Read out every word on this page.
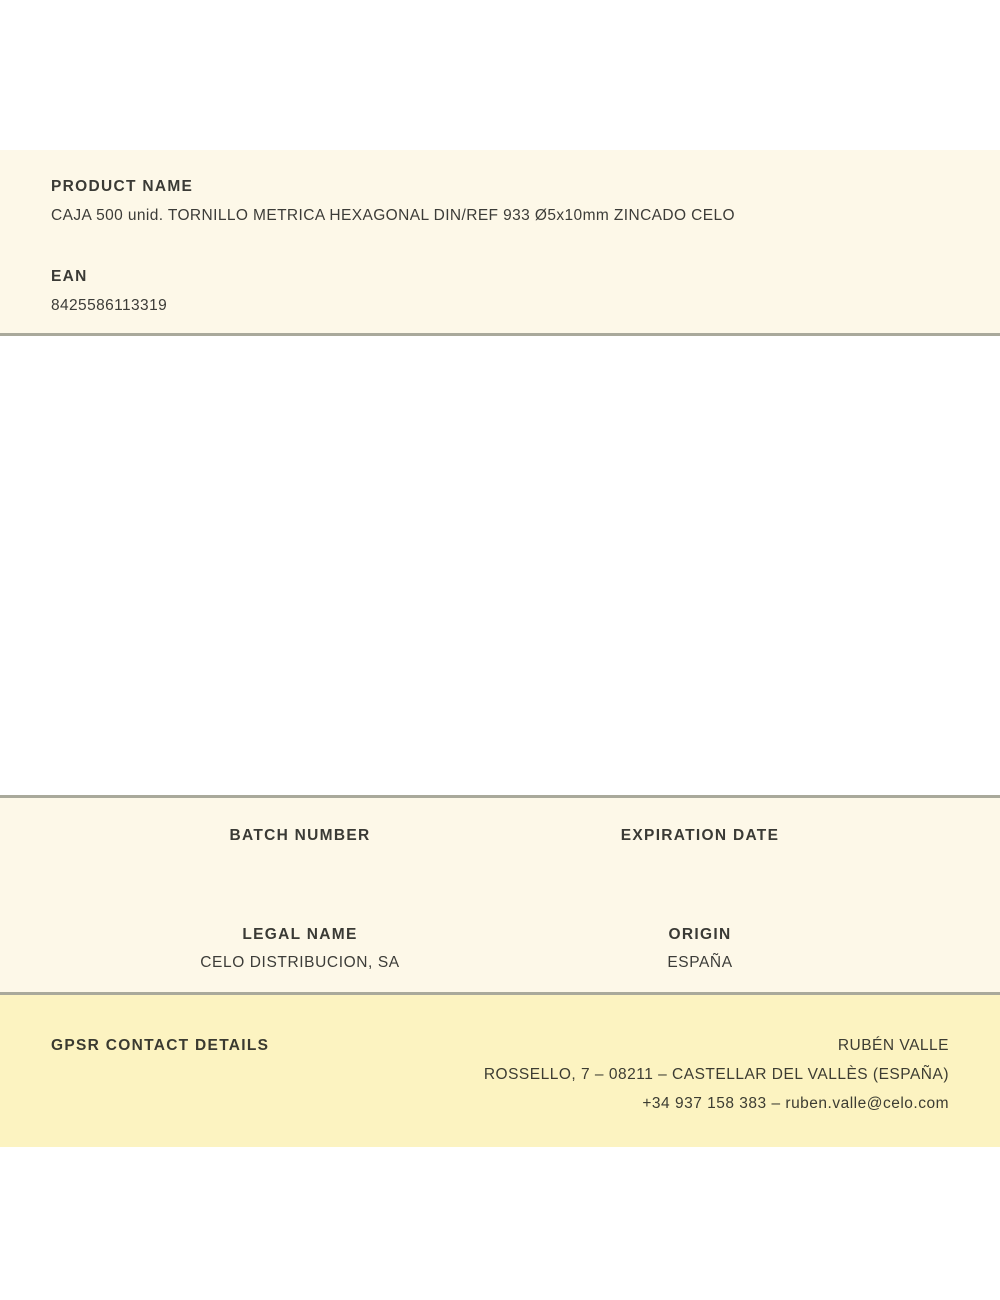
PRODUCT NAME
CAJA 500 unid. TORNILLO METRICA HEXAGONAL DIN/REF 933 Ø5x10mm ZINCADO CELO
EAN
8425586113319
BATCH NUMBER	EXPIRATION DATE
LEGAL NAME
CELO DISTRIBUCION, SA
ORIGIN
ESPAÑA
GPSR CONTACT DETAILS	RUBÉN VALLE
ROSSELLO, 7 – 08211 – CASTELLAR DEL VALLÈS (ESPAÑA)
+34 937 158 383 – ruben.valle@celo.com
